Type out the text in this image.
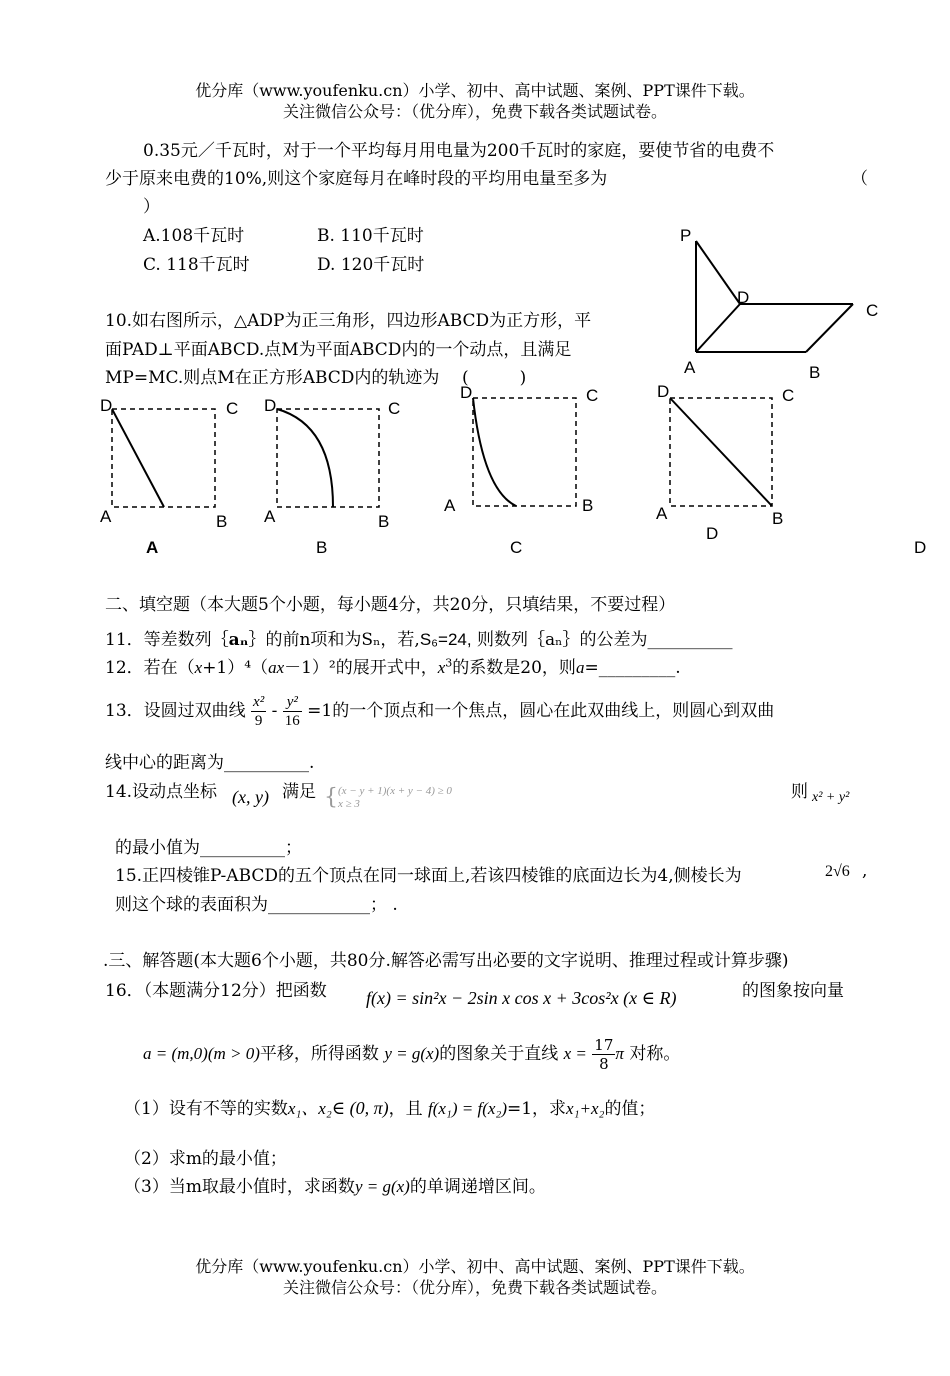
优分库（www.youfenku.cn）小学、初中、高中试题、案例、PPT课件下载。
关注微信公众号：（优分库），免费下载各类试题试卷。
0.35元／千瓦时，对于一个平均每月用电量为200千瓦时的家庭，要使节省的电费不
少于原来电费的10%,则这个家庭每月在峰时段的平均用电量至多为	（
）
A.108千瓦时	B. 110千瓦时
C. 118千瓦时	D. 120千瓦时
P
D
C
A	B
10.如右图所示，△ADP为正三角形，四边形ABCD为正方形，平
面PAD⊥平面ABCD.点M为平面ABCD内的一个动点，且满足
MP=MC.则点M在正方形ABCD内的轨迹为 (　　　)
D	C
A	B
D	C
A	B
D	C
A	B
D	C
A	B
D
A	B	C	D
二、填空题（本大题5个小题，每小题4分，共20分，只填结果，不要过程）
11．等差数列｛aₙ｝的前n项和为Sₙ，若,S₆=24, 则数列｛aₙ｝的公差为__________
12．若在（x+1）⁴（ax－1）²的展开式中，$x^3$的系数是20，则a=_________.
13．设圆过双曲线 $\frac{\text{x²}}{9} - \frac{\text{y²}}{16} =1$的一个顶点和一个焦点，圆心在此双曲线上，则圆心到双曲
线中心的距离为__________.
14.设动点坐标 (x, y) 满足 { (x − y + 1)(x + y − 4) ≥ 0
x ≥ 3
则 x² + y²
的最小值为__________；
15.正四棱锥P-ABCD的五个顶点在同一球面上,若该四棱锥的底面边长为4,侧棱长为	2√6 ,
则这个球的表面积为____________； .
.三、解答题(本大题6个小题，共80分.解答必需写出必要的文字说明、推理过程或计算步骤)
16．（本题满分12分）把函数 f(x) = sin²x − 2sin x cos x + 3cos²x (x ∈ R)	的图象按向量
a = (m,0)(m > 0)平移，所得函数 y = g(x)的图象关于直线 $x = \frac{17}{8}$ π 对称。
（1）设有不等的实数x₁、x₂∈ (0, π)，且 f(x₁) = f(x₂)=1，求x₁+x₂的值；
（2）求m的最小值；
（3）当m取最小值时，求函数y = g(x)的单调递增区间。
优分库（www.youfenku.cn）小学、初中、高中试题、案例、PPT课件下载。
关注微信公众号：（优分库），免费下载各类试题试卷。
